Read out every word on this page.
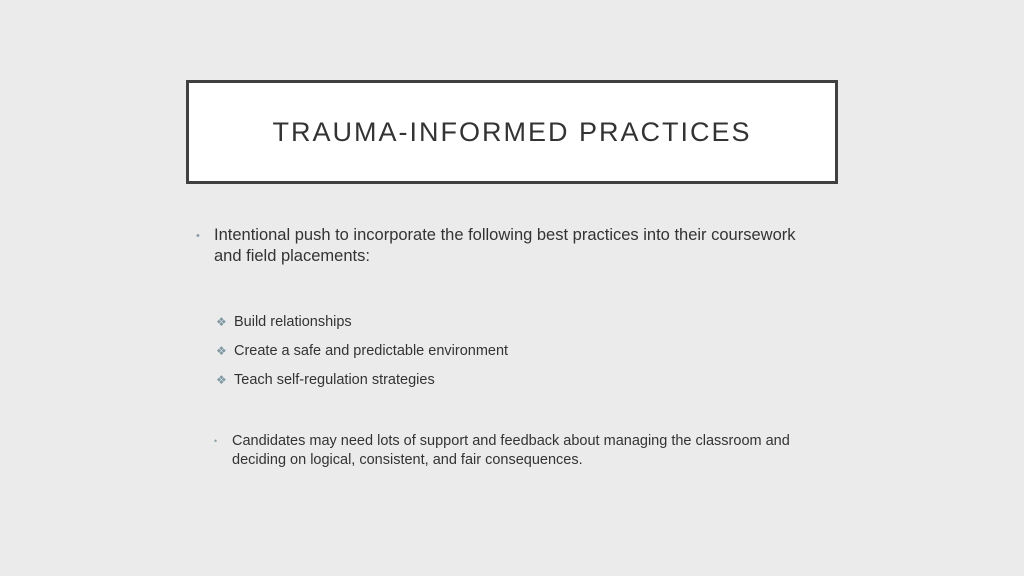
TRAUMA-INFORMED PRACTICES
• Intentional push to incorporate the following best practices into their coursework and field placements:
❖ Build relationships
❖ Create a safe and predictable environment
❖ Teach self-regulation strategies
•	Candidates may need lots of support and feedback about managing the classroom and deciding on logical, consistent, and fair consequences.
